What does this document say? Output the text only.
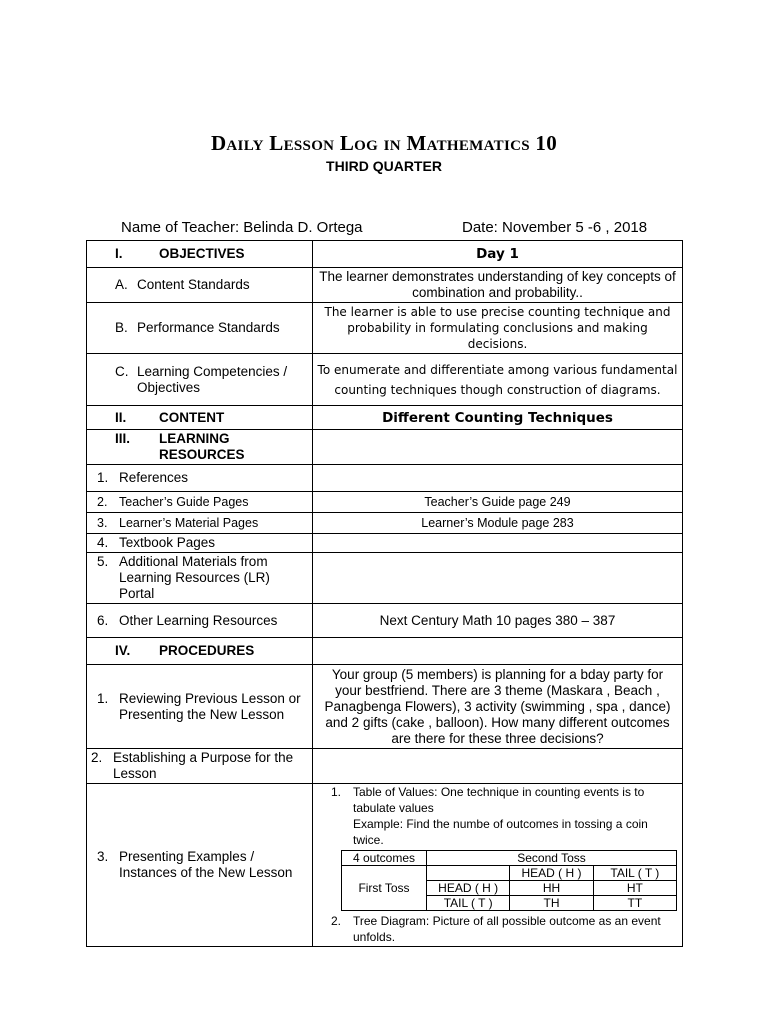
Daily Lesson Log in Mathematics 10
THIRD QUARTER
Name of Teacher: Belinda D. Ortega	Date: November 5 -6 , 2018
I.	OBJECTIVES	Day 1

A. Content Standards
	The learner demonstrates understanding of key concepts of combination and probability..

B. Performance Standards
	The learner is able to use precise counting technique and probability in formulating conclusions and making decisions.

C. Learning Competencies / Objectives
	To enumerate and differentiate among various fundamental counting techniques though construction of diagrams.

II.	CONTENT	Different Counting Techniques

III.	LEARNING RESOURCES

1. References

2. Teacher’s Guide Pages	Teacher’s Guide page 249

3. Learner’s Material Pages	Learner’s Module page 283

4. Textbook Pages

5. Additional Materials from Learning Resources (LR) Portal

6. Other Learning Resources	Next Century Math 10 pages 380 – 387

IV.	PROCEDURES

1. Reviewing Previous Lesson or Presenting the New Lesson
	Your group (5 members) is planning for a bday party for your bestfriend. There are 3 theme (Maskara , Beach , Panagbenga Flowers), 3 activity (swimming , spa , dance) and 2 gifts (cake , balloon). How many different outcomes are there for these three decisions?

2. Establishing a Purpose for the Lesson

3. Presenting Examples / Instances of the New Lesson

1.	Table of Values: One technique in counting events is to tabulate values
Example: Find the numbe of outcomes in tossing a coin twice.
4 outcomes	Second Toss
First Toss		HEAD ( H )	TAIL ( T )
HEAD ( H )	HH	HT
TAIL ( T )	TH	TT
2.	Tree Diagram: Picture of all possible outcome as an event unfolds.
